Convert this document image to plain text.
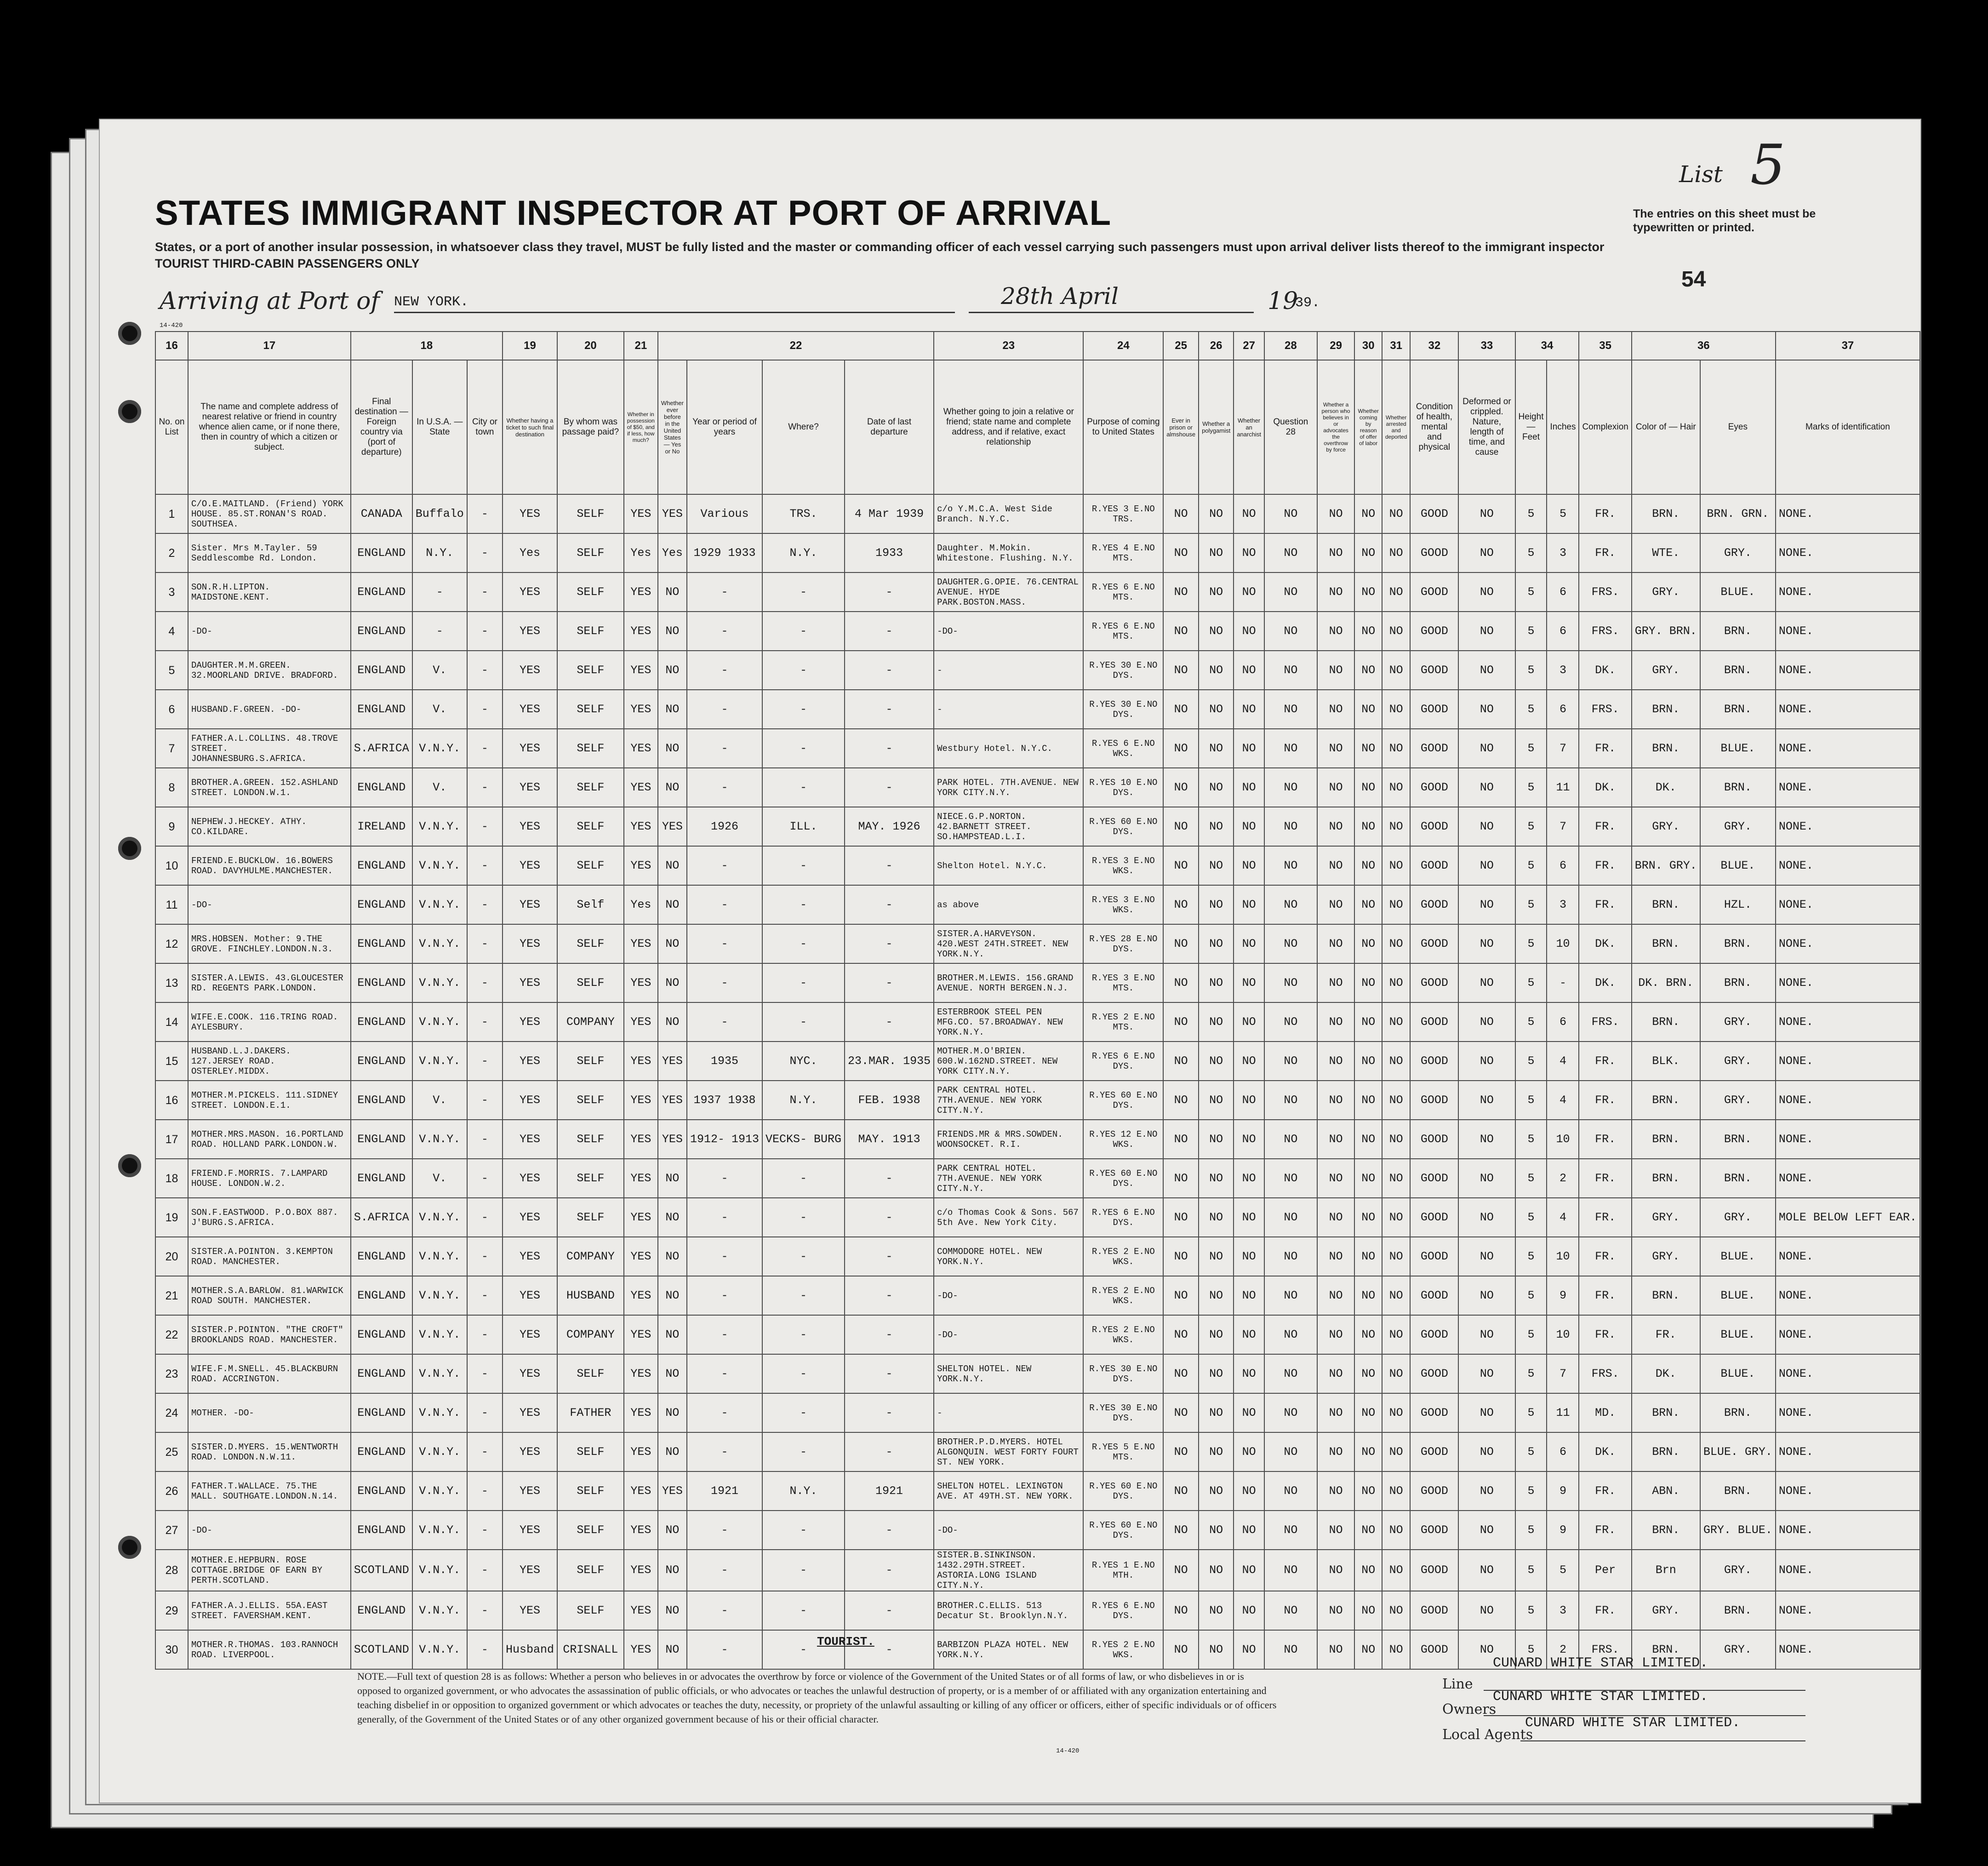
STATES IMMIGRANT INSPECTOR AT PORT OF ARRIVAL
States, or a port of another insular possession, in whatsoever class they travel, MUST be fully listed and the master or commanding officer of each vessel carrying such passengers must upon arrival deliver lists thereof to the immigrant inspector
TOURIST THIRD-CABIN PASSENGERS ONLY
List 5
The entries on this sheet must be typewritten or printed.
54
Arriving at Port of NEW YORK.	28th April	19
39.
14-420
16	17	18			19	20	21	22				23	24	25	26	27	28	29	30	31	32	33	34		35	36		37
No. on List	The name and complete address of nearest relative or friend in country whence alien came, or if none there, then in country of which a citizen or subject.	Final destination — Foreign country via (port of departure)	In U.S.A. — State	City or town	Whether having a ticket to such final destination	By whom was passage paid?	Whether in possession of $50, and if less, how much?	Whether ever before in the United States — Yes or No	Year or period of years	Where?	Date of last departure	Whether going to join a relative or friend; state name and complete address, and if relative, exact relationship	Purpose of coming to United States	Ever in prison or almshouse	Whether a polygamist	Whether an anarchist	Question 28	Whether a person who believes in or advocates the overthrow by force	Whether coming by reason of offer of labor	Whether arrested and deported	Condition of health, mental and physical	Deformed or crippled. Nature, length of time, and cause	Height — Feet	Inches	Complexion	Color of — Hair	Eyes	Marks of identification
1	C/O.E.MAITLAND. (Friend) YORK HOUSE. 85.ST.RONAN'S ROAD. SOUTHSEA.	CANADA	Buffalo	-	YES	SELF	YES	YES	Various	TRS.	4 Mar 1939	c/o Y.M.C.A. West Side Branch. N.Y.C.	R.YES 3 E.NO TRS.	NO	NO	NO	NO	NO	NO	NO	GOOD	NO	5	5	FR.	BRN.	BRN. GRN.	NONE.
2	Sister. Mrs M.Tayler. 59 Seddlescombe Rd. London.	ENGLAND	N.Y.	-	Yes	SELF	Yes	Yes	1929 1933	N.Y.	1933	Daughter. M.Mokin. Whitestone. Flushing. N.Y.	R.YES 4 E.NO MTS.	NO	NO	NO	NO	NO	NO	NO	GOOD	NO	5	3	FR.	WTE.	GRY.	NONE.
3	SON.R.H.LIPTON. MAIDSTONE.KENT.	ENGLAND	-	-	YES	SELF	YES	NO	-	-	-	DAUGHTER.G.OPIE. 76.CENTRAL AVENUE. HYDE PARK.BOSTON.MASS.	R.YES 6 E.NO MTS.	NO	NO	NO	NO	NO	NO	NO	GOOD	NO	5	6	FRS.	GRY.	BLUE.	NONE.
4	-DO-	ENGLAND	-	-	YES	SELF	YES	NO	-	-	-	-DO-	R.YES 6 E.NO MTS.	NO	NO	NO	NO	NO	NO	NO	GOOD	NO	5	6	FRS.	GRY. BRN.	BRN.	NONE.
5	DAUGHTER.M.M.GREEN. 32.MOORLAND DRIVE. BRADFORD.	ENGLAND	V.	-	YES	SELF	YES	NO	-	-	-	-	R.YES 30 E.NO DYS.	NO	NO	NO	NO	NO	NO	NO	GOOD	NO	5	3	DK.	GRY.	BRN.	NONE.
6	HUSBAND.F.GREEN. -DO-	ENGLAND	V.	-	YES	SELF	YES	NO	-	-	-	-	R.YES 30 E.NO DYS.	NO	NO	NO	NO	NO	NO	NO	GOOD	NO	5	6	FRS.	BRN.	BRN.	NONE.
7	FATHER.A.L.COLLINS. 48.TROVE STREET. JOHANNESBURG.S.AFRICA.	S.AFRICA	V.N.Y.	-	YES	SELF	YES	NO	-	-	-	Westbury Hotel. N.Y.C.	R.YES 6 E.NO WKS.	NO	NO	NO	NO	NO	NO	NO	GOOD	NO	5	7	FR.	BRN.	BLUE.	NONE.
8	BROTHER.A.GREEN. 152.ASHLAND STREET. LONDON.W.1.	ENGLAND	V.	-	YES	SELF	YES	NO	-	-	-	PARK HOTEL. 7TH.AVENUE. NEW YORK CITY.N.Y.	R.YES 10 E.NO DYS.	NO	NO	NO	NO	NO	NO	NO	GOOD	NO	5	11	DK.	DK.	BRN.	NONE.
9	NEPHEW.J.HECKEY. ATHY. CO.KILDARE.	IRELAND	V.N.Y.	-	YES	SELF	YES	YES	1926	ILL.	MAY. 1926	NIECE.G.P.NORTON. 42.BARNETT STREET. SO.HAMPSTEAD.L.I.	R.YES 60 E.NO DYS.	NO	NO	NO	NO	NO	NO	NO	GOOD	NO	5	7	FR.	GRY.	GRY.	NONE.
10	FRIEND.E.BUCKLOW. 16.BOWERS ROAD. DAVYHULME.MANCHESTER.	ENGLAND	V.N.Y.	-	YES	SELF	YES	NO	-	-	-	Shelton Hotel. N.Y.C.	R.YES 3 E.NO WKS.	NO	NO	NO	NO	NO	NO	NO	GOOD	NO	5	6	FR.	BRN. GRY.	BLUE.	NONE.
11	-DO-	ENGLAND	V.N.Y.	-	YES	Self	Yes	NO	-	-	-	as above	R.YES 3 E.NO WKS.	NO	NO	NO	NO	NO	NO	NO	GOOD	NO	5	3	FR.	BRN.	HZL.	NONE.
12	MRS.HOBSEN. Mother: 9.THE GROVE. FINCHLEY.LONDON.N.3.	ENGLAND	V.N.Y.	-	YES	SELF	YES	NO	-	-	-	SISTER.A.HARVEYSON. 420.WEST 24TH.STREET. NEW YORK.N.Y.	R.YES 28 E.NO DYS.	NO	NO	NO	NO	NO	NO	NO	GOOD	NO	5	10	DK.	BRN.	BRN.	NONE.
13	SISTER.A.LEWIS. 43.GLOUCESTER RD. REGENTS PARK.LONDON.	ENGLAND	V.N.Y.	-	YES	SELF	YES	NO	-	-	-	BROTHER.M.LEWIS. 156.GRAND AVENUE. NORTH BERGEN.N.J.	R.YES 3 E.NO MTS.	NO	NO	NO	NO	NO	NO	NO	GOOD	NO	5	-	DK.	DK. BRN.	BRN.	NONE.
14	WIFE.E.COOK. 116.TRING ROAD. AYLESBURY.	ENGLAND	V.N.Y.	-	YES	COMPANY	YES	NO	-	-	-	ESTERBROOK STEEL PEN MFG.CO. 57.BROADWAY. NEW YORK.N.Y.	R.YES 2 E.NO MTS.	NO	NO	NO	NO	NO	NO	NO	GOOD	NO	5	6	FRS.	BRN.	GRY.	NONE.
15	HUSBAND.L.J.DAKERS. 127.JERSEY ROAD. OSTERLEY.MIDDX.	ENGLAND	V.N.Y.	-	YES	SELF	YES	YES	1935	NYC.	23.MAR. 1935	MOTHER.M.O'BRIEN. 600.W.162ND.STREET. NEW YORK CITY.N.Y.	R.YES 6 E.NO DYS.	NO	NO	NO	NO	NO	NO	NO	GOOD	NO	5	4	FR.	BLK.	GRY.	NONE.
16	MOTHER.M.PICKELS. 111.SIDNEY STREET. LONDON.E.1.	ENGLAND	V.	-	YES	SELF	YES	YES	1937 1938	N.Y.	FEB. 1938	PARK CENTRAL HOTEL. 7TH.AVENUE. NEW YORK CITY.N.Y.	R.YES 60 E.NO DYS.	NO	NO	NO	NO	NO	NO	NO	GOOD	NO	5	4	FR.	BRN.	GRY.	NONE.
17	MOTHER.MRS.MASON. 16.PORTLAND ROAD. HOLLAND PARK.LONDON.W.	ENGLAND	V.N.Y.	-	YES	SELF	YES	YES	1912- 1913	VECKS- BURG	MAY. 1913	FRIENDS.MR & MRS.SOWDEN. WOONSOCKET. R.I.	R.YES 12 E.NO WKS.	NO	NO	NO	NO	NO	NO	NO	GOOD	NO	5	10	FR.	BRN.	BRN.	NONE.
18	FRIEND.F.MORRIS. 7.LAMPARD HOUSE. LONDON.W.2.	ENGLAND	V.	-	YES	SELF	YES	NO	-	-	-	PARK CENTRAL HOTEL. 7TH.AVENUE. NEW YORK CITY.N.Y.	R.YES 60 E.NO DYS.	NO	NO	NO	NO	NO	NO	NO	GOOD	NO	5	2	FR.	BRN.	BRN.	NONE.
19	SON.F.EASTWOOD. P.O.BOX 887. J'BURG.S.AFRICA.	S.AFRICA	V.N.Y.	-	YES	SELF	YES	NO	-	-	-	c/o Thomas Cook & Sons. 567 5th Ave. New York City.	R.YES 6 E.NO DYS.	NO	NO	NO	NO	NO	NO	NO	GOOD	NO	5	4	FR.	GRY.	GRY.	MOLE BELOW LEFT EAR.
20	SISTER.A.POINTON. 3.KEMPTON ROAD. MANCHESTER.	ENGLAND	V.N.Y.	-	YES	COMPANY	YES	NO	-	-	-	COMMODORE HOTEL. NEW YORK.N.Y.	R.YES 2 E.NO WKS.	NO	NO	NO	NO	NO	NO	NO	GOOD	NO	5	10	FR.	GRY.	BLUE.	NONE.
21	MOTHER.S.A.BARLOW. 81.WARWICK ROAD SOUTH. MANCHESTER.	ENGLAND	V.N.Y.	-	YES	HUSBAND	YES	NO	-	-	-	-DO-	R.YES 2 E.NO WKS.	NO	NO	NO	NO	NO	NO	NO	GOOD	NO	5	9	FR.	BRN.	BLUE.	NONE.
22	SISTER.P.POINTON. "THE CROFT" BROOKLANDS ROAD. MANCHESTER.	ENGLAND	V.N.Y.	-	YES	COMPANY	YES	NO	-	-	-	-DO-	R.YES 2 E.NO WKS.	NO	NO	NO	NO	NO	NO	NO	GOOD	NO	5	10	FR.	FR.	BLUE.	NONE.
23	WIFE.F.M.SNELL. 45.BLACKBURN ROAD. ACCRINGTON.	ENGLAND	V.N.Y.	-	YES	SELF	YES	NO	-	-	-	SHELTON HOTEL. NEW YORK.N.Y.	R.YES 30 E.NO DYS.	NO	NO	NO	NO	NO	NO	NO	GOOD	NO	5	7	FRS.	DK.	BLUE.	NONE.
24	MOTHER. -DO-	ENGLAND	V.N.Y.	-	YES	FATHER	YES	NO	-	-	-	-	R.YES 30 E.NO DYS.	NO	NO	NO	NO	NO	NO	NO	GOOD	NO	5	11	MD.	BRN.	BRN.	NONE.
25	SISTER.D.MYERS. 15.WENTWORTH ROAD. LONDON.N.W.11.	ENGLAND	V.N.Y.	-	YES	SELF	YES	NO	-	-	-	BROTHER.P.D.MYERS. HOTEL ALGONQUIN. WEST FORTY FOURT ST. NEW YORK.	R.YES 5 E.NO MTS.	NO	NO	NO	NO	NO	NO	NO	GOOD	NO	5	6	DK.	BRN.	BLUE. GRY.	NONE.
26	FATHER.T.WALLACE. 75.THE MALL. SOUTHGATE.LONDON.N.14.	ENGLAND	V.N.Y.	-	YES	SELF	YES	YES	1921	N.Y.	1921	SHELTON HOTEL. LEXINGTON AVE. AT 49TH.ST. NEW YORK.	R.YES 60 E.NO DYS.	NO	NO	NO	NO	NO	NO	NO	GOOD	NO	5	9	FR.	ABN.	BRN.	NONE.
27	-DO-	ENGLAND	V.N.Y.	-	YES	SELF	YES	NO	-	-	-	-DO-	R.YES 60 E.NO DYS.	NO	NO	NO	NO	NO	NO	NO	GOOD	NO	5	9	FR.	BRN.	GRY. BLUE.	NONE.
28	MOTHER.E.HEPBURN. ROSE COTTAGE.BRIDGE OF EARN BY PERTH.SCOTLAND.	SCOTLAND	V.N.Y.	-	YES	SELF	YES	NO	-	-	-	SISTER.B.SINKINSON. 1432.29TH.STREET. ASTORIA.LONG ISLAND CITY.N.Y.	R.YES 1 E.NO MTH.	NO	NO	NO	NO	NO	NO	NO	GOOD	NO	5	5	Per	Brn	GRY.	NONE.
29	FATHER.A.J.ELLIS. 55A.EAST STREET. FAVERSHAM.KENT.	ENGLAND	V.N.Y.	-	YES	SELF	YES	NO	-	-	-	BROTHER.C.ELLIS. 513 Decatur St. Brooklyn.N.Y.	R.YES 6 E.NO DYS.	NO	NO	NO	NO	NO	NO	NO	GOOD	NO	5	3	FR.	GRY.	BRN.	NONE.
30	MOTHER.R.THOMAS. 103.RANNOCH ROAD. LIVERPOOL.	SCOTLAND	V.N.Y.	-	Husband	CRISNALL	YES	NO	-	-	-	BARBIZON PLAZA HOTEL. NEW YORK.N.Y.	R.YES 2 E.NO WKS.	NO	NO	NO	NO	NO	NO	NO	GOOD	NO	5	2	FRS.	BRN.	GRY.	NONE.
TOURIST.
NOTE.—Full text of question 28 is as follows: Whether a person who believes in or advocates the overthrow by force or violence of the Government of the United States or of all forms of law, or who disbelieves in or is opposed to organized government, or who advocates the assassination of public officials, or who advocates or teaches the unlawful destruction of property, or is a member of or affiliated with any organization entertaining and teaching disbelief in or opposition to organized government or which advocates or teaches the duty, necessity, or propriety of the unlawful assaulting or killing of any officer or officers, either of specific individuals or of officers generally, of the Government of the United States or of any other organized government because of his or their official character.
Line
CUNARD WHITE STAR LIMITED.
Owners
CUNARD WHITE STAR LIMITED.
Local Agents
CUNARD WHITE STAR LIMITED.
14-420
